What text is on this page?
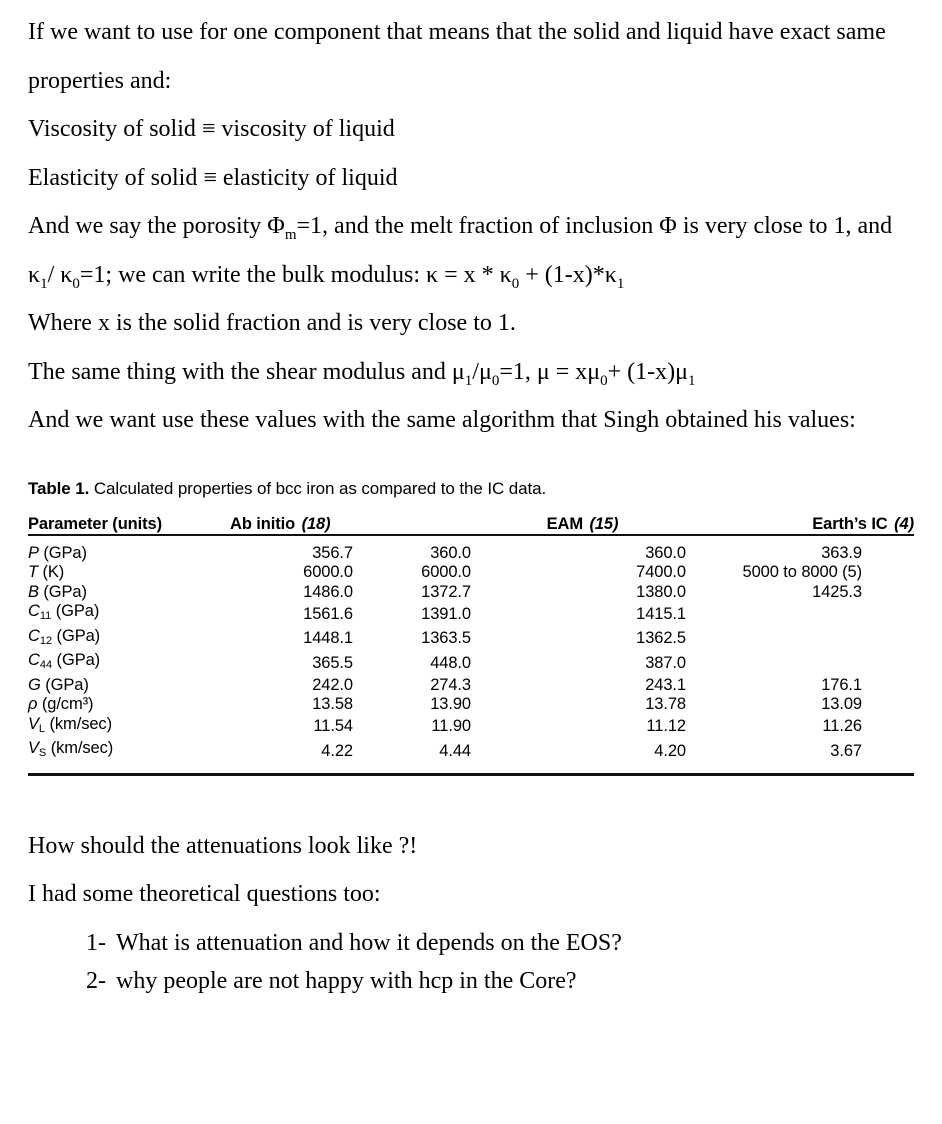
If we want to use for one component that means that the solid and liquid have exact same properties and:

Viscosity of solid ≡ viscosity of liquid

Elasticity of solid ≡ elasticity of liquid

And we say the porosity $\Phi_m=1$, and the melt fraction of inclusion Φ is very close to 1, and $\kappa_1/$ $\kappa_0=1$; we can write the bulk modulus: $\kappa = x * \kappa_0 + (1-x)*\kappa_1$

Where x is the solid fraction and is very close to 1.

The same thing with the shear modulus and $\mu_1/\mu_0=1$, $\mu = x\mu_0+ (1-x)\mu_1$

And we want use these values with the same algorithm that Singh obtained his values:

Table 1. Calculated properties of bcc iron as compared to the IC data.
Parameter (units)	Ab initio (18)		EAM (15)	Earth’s IC (4)
P (GPa)	356.7	360.0	360.0	363.9
T (K)	6000.0	6000.0	7400.0	5000 to 8000 (5)
B (GPa)	1486.0	1372.7	1380.0	1425.3
C11 (GPa)	1561.6	1391.0	1415.1	
C12 (GPa)	1448.1	1363.5	1362.5	
C44 (GPa)	365.5	448.0	387.0	
G (GPa)	242.0	274.3	243.1	176.1
ρ (g/cm³)	13.58	13.90	13.78	13.09
VL (km/sec)	11.54	11.90	11.12	11.26
VS (km/sec)	4.22	4.44	4.20	3.67

How should the attenuations look like ?!

I had some theoretical questions too:

1- What is attenuation and how it depends on the EOS?
2- why people are not happy with hcp in the Core?
